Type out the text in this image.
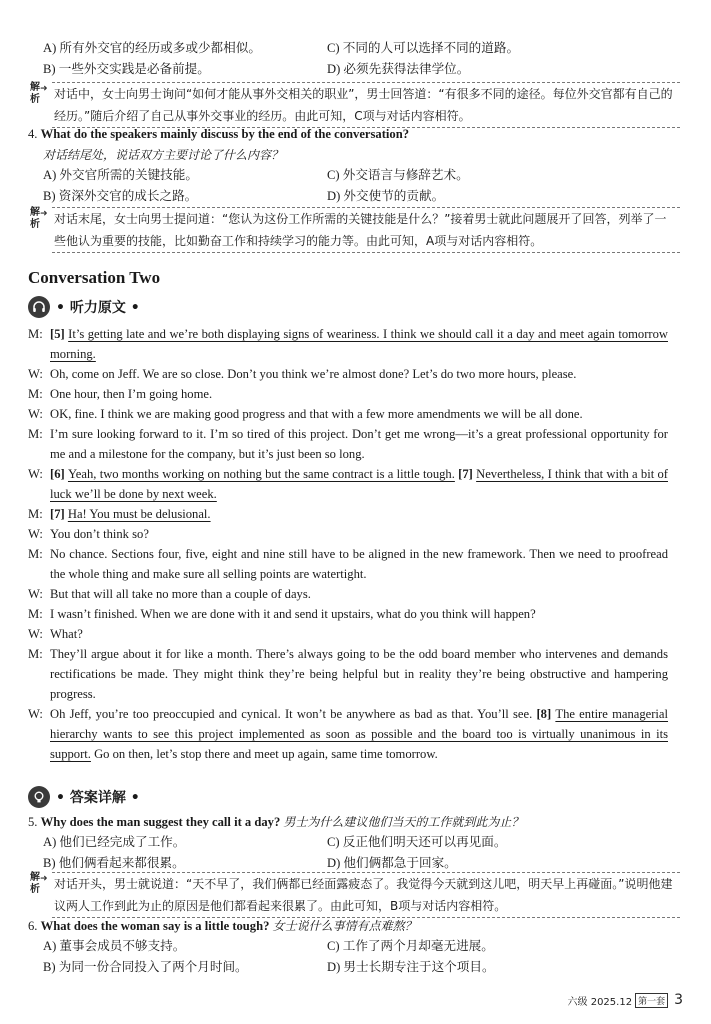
A) 所有外交官的经历或多或少都相似。	C) 不同的人可以选择不同的道路。
B) 一些外交实践是必备前提。	D) 必须先获得法律学位。
解析
➜ 对话中，女士向男士询问“如何才能从事外交相关的职业”，男士回答道：“有很多不同的途径。每位外交官都有自己的经历。”随后介绍了自己从事外交事业的经历。由此可知，C项与对话内容相符。
4. What do the speakers mainly discuss by the end of the conversation?
对话结尾处，说话双方主要讨论了什么内容？
A) 外交官所需的关键技能。	C) 外交语言与修辞艺术。
B) 资深外交官的成长之路。	D) 外交使节的贡献。
解析
➜ 对话末尾，女士向男士提问道：“您认为这份工作所需的关键技能是什么？”接着男士就此问题展开了回答，列举了一些他认为重要的技能，比如勤奋工作和持续学习的能力等。由此可知，A项与对话内容相符。
Conversation Two
• 听力原文 •
M: [5] It’s getting late and we’re both displaying signs of weariness. I think we should call it a day and meet again tomorrow morning.
W: Oh, come on Jeff. We are so close. Don’t you think we’re almost done? Let’s do two more hours, please.
M: One hour, then I’m going home.
W: OK, fine. I think we are making good progress and that with a few more amendments we will be all done.
M: I’m sure looking forward to it. I’m so tired of this project. Don’t get me wrong—it’s a great professional opportunity for me and a milestone for the company, but it’s just been so long.
W: [6] Yeah, two months working on nothing but the same contract is a little tough. [7] Nevertheless, I think that with a bit of luck we’ll be done by next week.
M: [7] Ha! You must be delusional.
W: You don’t think so?
M: No chance. Sections four, five, eight and nine still have to be aligned in the new framework. Then we need to proofread the whole thing and make sure all selling points are watertight.
W: But that will all take no more than a couple of days.
M: I wasn’t finished. When we are done with it and send it upstairs, what do you think will happen?
W: What?
M: They’ll argue about it for like a month. There’s always going to be the odd board member who intervenes and demands rectifications be made. They might think they’re being helpful but in reality they’re being obstructive and hampering progress.
W: Oh Jeff, you’re too preoccupied and cynical. It won’t be anywhere as bad as that. You’ll see. [8] The entire managerial hierarchy wants to see this project implemented as soon as possible and the board too is virtually unanimous in its support. Go on then, let’s stop there and meet up again, same time tomorrow.
• 答案详解 •
5. Why does the man suggest they call it a day? 男士为什么建议他们当天的工作就到此为止？
A) 他们已经完成了工作。	C) 反正他们明天还可以再见面。
B) 他们俩看起来都很累。	D) 他们俩都急于回家。
解析
➜ 对话开头，男士就说道：“天不早了，我们俩都已经面露疲态了。我觉得今天就到这儿吧，明天早上再碰面。”说明他建议两人工作到此为止的原因是他们都看起来很累了。由此可知，B项与对话内容相符。
6. What does the woman say is a little tough? 女士说什么事情有点难熬？
A) 董事会成员不够支持。	C) 工作了两个月却毫无进展。
B) 为同一份合同投入了两个月时间。	D) 男士长期专注于这个项目。
六级 2025.12 第一套 3
